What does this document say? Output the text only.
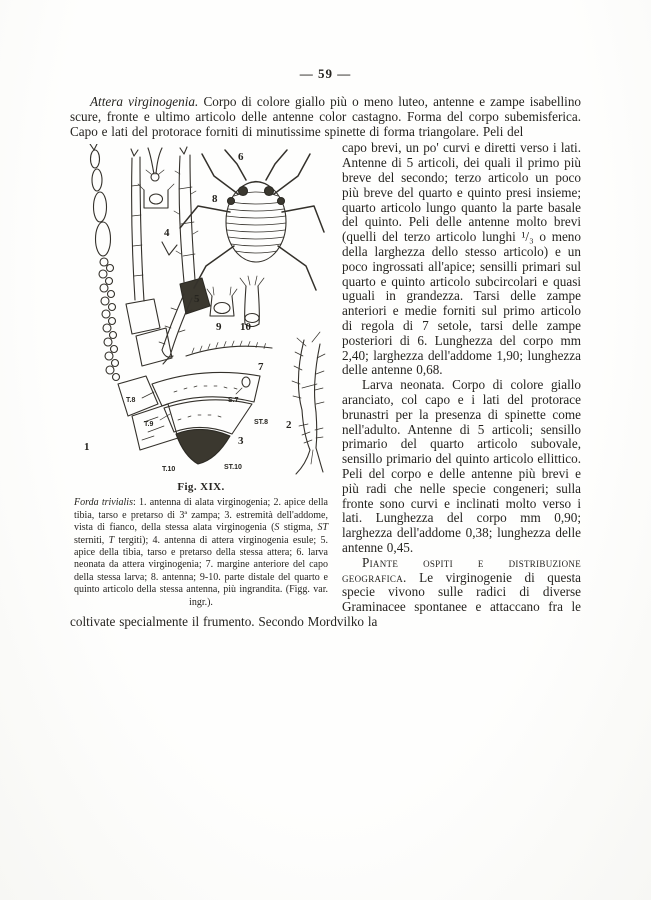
— 59 —

Attera virginogenia. Corpo di colore giallo più o meno luteo, antenne e zampe isabellino scure, fronte e ultimo articolo delle antenne color castagno. Forma del corpo subemisferica. Capo e lati del protorace forniti di minutissime spinette di forma triangolare. Peli del

1
2
3
4
5
6
7
8
9 10
T.8
T.9
T.10
S.7
ST.8
ST.10
Fig. XIX.

Forda trivialis: 1. antenna di alata virginogenia; 2. apice della tibia, tarso e pretarso di 3ª zampa; 3. estremità dell'addome, vista di fianco, della stessa alata virginogenia (S stigma, ST sterniti, T tergiti); 4. antenna di attera virginogenia esule; 5. apice della tibia, tarso e pretarso della stessa attera; 6. larva neonata da attera virginogenia; 7. margine anteriore del capo della stessa larva; 8. antenna; 9-10. parte distale del quarto e quinto articolo della stessa antenna, più ingrandita. (Figg. var. ingr.).

capo brevi, un po' curvi e diretti verso i lati. Antenne di 5 articoli, dei quali il primo più breve del secondo; terzo articolo un poco più breve del quarto e quinto presi insieme; quarto articolo lungo quanto la parte basale del quinto. Peli delle antenne molto brevi (quelli del terzo articolo lunghi ¹/₃ o meno della larghezza dello stesso articolo) e un poco ingrossati all'apice; sensilli primari sul quarto e quinto articolo subcircolari e quasi uguali in grandezza. Tarsi delle zampe anteriori e medie forniti sul primo articolo di regola di 7 setole, tarsi delle zampe posteriori di 6. Lunghezza del corpo mm 2,40; larghezza dell'addome 1,90; lunghezza delle antenne 0,68.

Larva neonata. Corpo di colore giallo aranciato, col capo e i lati del protorace brunastri per la presenza di spinette come nell'adulto. Antenne di 5 articoli; sensillo primario del quarto articolo subovale, sensillo primario del quinto articolo ellittico. Peli del corpo e delle antenne più brevi e più radi che nelle specie congeneri; sulla fronte sono curvi e inclinati molto verso i lati. Lunghezza del corpo mm 0,90; larghezza dell'addome 0,38; lunghezza delle antenne 0,45.

Piante ospiti e distribuzione geografica. Le virginogenie di questa specie vivono sulle radici di diverse Graminacee spontanee e attaccano fra le coltivate specialmente il frumento. Secondo Mordvilko la
